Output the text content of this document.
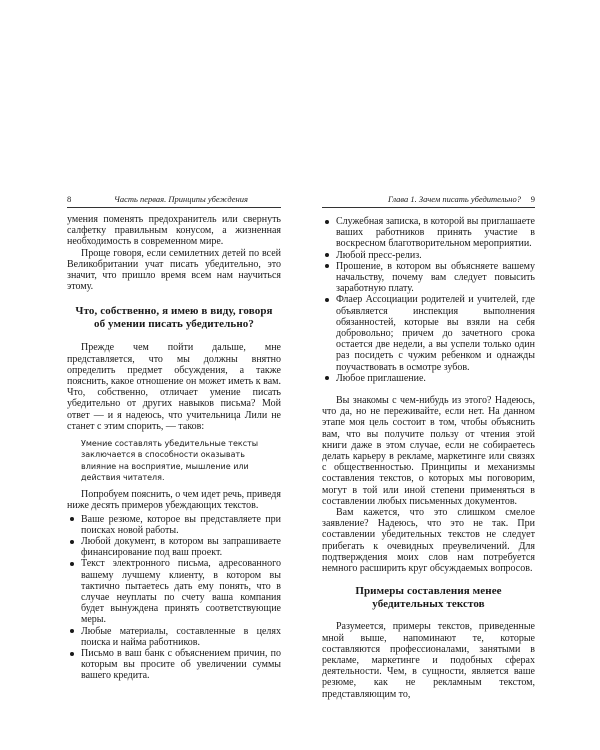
8	Часть первая. Принципы убеждения

умения поменять предохранитель или свернуть салфетку правильным конусом, а жизненная необходимость в современном мире.

Проще говоря, если семилетних детей по всей Великобритании учат писать убедительно, это значит, что пришло время всем нам научиться этому.

Что, собственно, я имею в виду, говоря об умении писать убедительно?

Прежде чем пойти дальше, мне представляется, что мы должны внятно определить предмет обсуждения, а также пояснить, какое отношение он может иметь к вам. Что, собственно, отличает умение писать убедительно от других навыков письма? Мой ответ — и я надеюсь, что учительница Лили не станет с этим спорить, — таков:

Умение составлять убедительные тексты заключается в способности оказывать влияние на восприятие, мышление или действия читателя.

Попробуем пояснить, о чем идет речь, приведя ниже десять примеров убеждающих текстов.

Ваше резюме, которое вы представляете при поисках новой работы.
Любой документ, в котором вы запрашиваете финансирование под ваш проект.
Текст электронного письма, адресованного вашему лучшему клиенту, в котором вы тактично пытаетесь дать ему понять, что в случае неуплаты по счету ваша компания будет вынуждена принять соответствующие меры.
Любые материалы, составленные в целях поиска и найма работников.
Письмо в ваш банк с объяснением причин, по которым вы просите об увеличении суммы вашего кредита.
Глава 1. Зачем писать убедительно? 9
Служебная записка, в которой вы приглашаете ваших работников принять участие в воскресном благотворительном мероприятии.
Любой пресс-релиз.
Прошение, в котором вы объясняете вашему начальству, почему вам следует повысить заработную плату.
Флаер Ассоциации родителей и учителей, где объявляется инспекция выполнения обязанностей, которые вы взяли на себя добровольно; причем до зачетного срока остается две недели, а вы успели только один раз посидеть с чужим ребенком и однажды поучаствовать в осмотре зубов.
Любое приглашение.

Вы знакомы с чем-нибудь из этого? Надеюсь, что да, но не переживайте, если нет. На данном этапе моя цель состоит в том, чтобы объяснить вам, что вы получите пользу от чтения этой книги даже в этом случае, если не собираетесь делать карьеру в рекламе, маркетинге или связях с общественностью. Принципы и механизмы составления текстов, о которых мы поговорим, могут в той или иной степени применяться в составлении любых письменных документов.

Вам кажется, что это слишком смелое заявление? Надеюсь, что это не так. При составлении убедительных текстов не следует прибегать к очевидных преувеличений. Для подтверждения моих слов нам потребуется немного расширить круг обсуждаемых вопросов.

Примеры составления менее убедительных текстов

Разумеется, примеры текстов, приведенные мной выше, напоминают те, которые составляются профессионалами, занятыми в рекламе, маркетинге и подобных сферах деятельности. Чем, в сущности, является ваше резюме, как не рекламным текстом, представляющим то,
